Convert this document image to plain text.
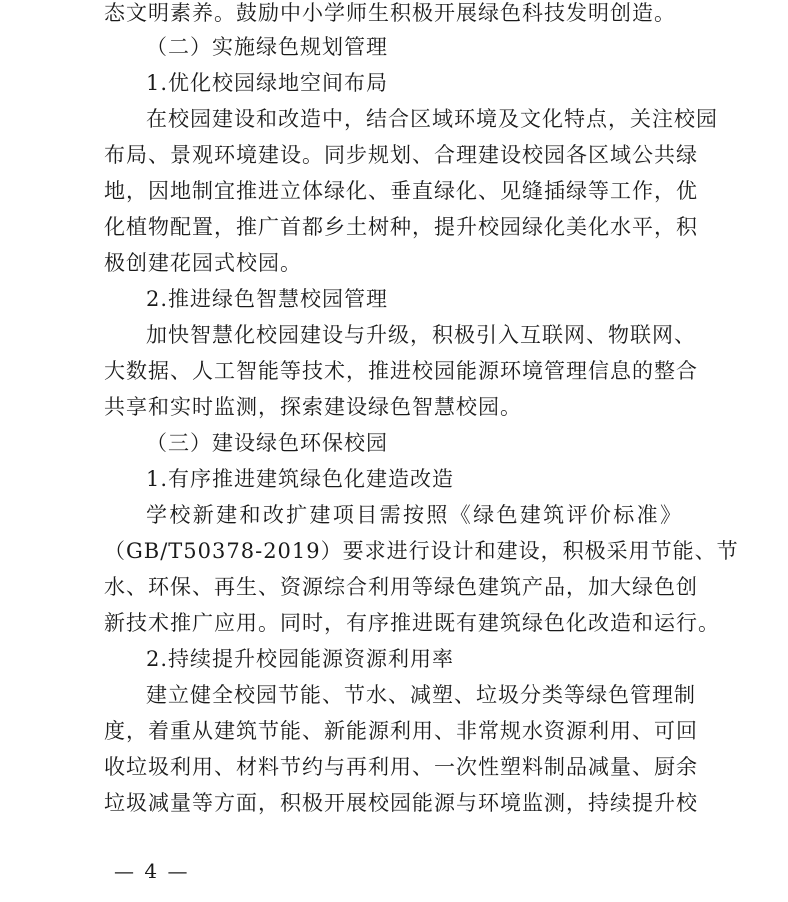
态文明素养。鼓励中小学师生积极开展绿色科技发明创造。
（二）实施绿色规划管理
1.优化校园绿地空间布局
在校园建设和改造中，结合区域环境及文化特点，关注校园
布局、景观环境建设。同步规划、合理建设校园各区域公共绿
地，因地制宜推进立体绿化、垂直绿化、见缝插绿等工作，优
化植物配置，推广首都乡土树种，提升校园绿化美化水平，积
极创建花园式校园。
2.推进绿色智慧校园管理
加快智慧化校园建设与升级，积极引入互联网、物联网、
大数据、人工智能等技术，推进校园能源环境管理信息的整合
共享和实时监测，探索建设绿色智慧校园。
（三）建设绿色环保校园
1.有序推进建筑绿色化建造改造
学校新建和改扩建项目需按照《绿色建筑评价标准》
（GB/T50378-2019）要求进行设计和建设，积极采用节能、节
水、环保、再生、资源综合利用等绿色建筑产品，加大绿色创
新技术推广应用。同时，有序推进既有建筑绿色化改造和运行。
2.持续提升校园能源资源利用率
建立健全校园节能、节水、减塑、垃圾分类等绿色管理制
度，着重从建筑节能、新能源利用、非常规水资源利用、可回
收垃圾利用、材料节约与再利用、一次性塑料制品减量、厨余
垃圾减量等方面，积极开展校园能源与环境监测，持续提升校
— 4 —
